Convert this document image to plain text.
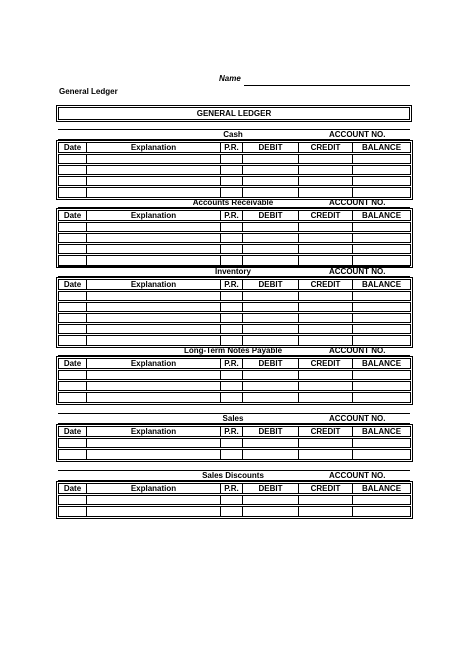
Name
General Ledger
GENERAL LEDGER
Cash	ACCOUNT NO.
Date	Explanation	P.R.	DEBIT	CREDIT	BALANCE

Accounts Receivable	ACCOUNT NO.
Date	Explanation	P.R.	DEBIT	CREDIT	BALANCE

Inventory	ACCOUNT NO.
Date	Explanation	P.R.	DEBIT	CREDIT	BALANCE

Long-Term Notes Payable	ACCOUNT NO.
Date	Explanation	P.R.	DEBIT	CREDIT	BALANCE

Sales	ACCOUNT NO.
Date	Explanation	P.R.	DEBIT	CREDIT	BALANCE

Sales Discounts	ACCOUNT NO.
Date	Explanation	P.R.	DEBIT	CREDIT	BALANCE
